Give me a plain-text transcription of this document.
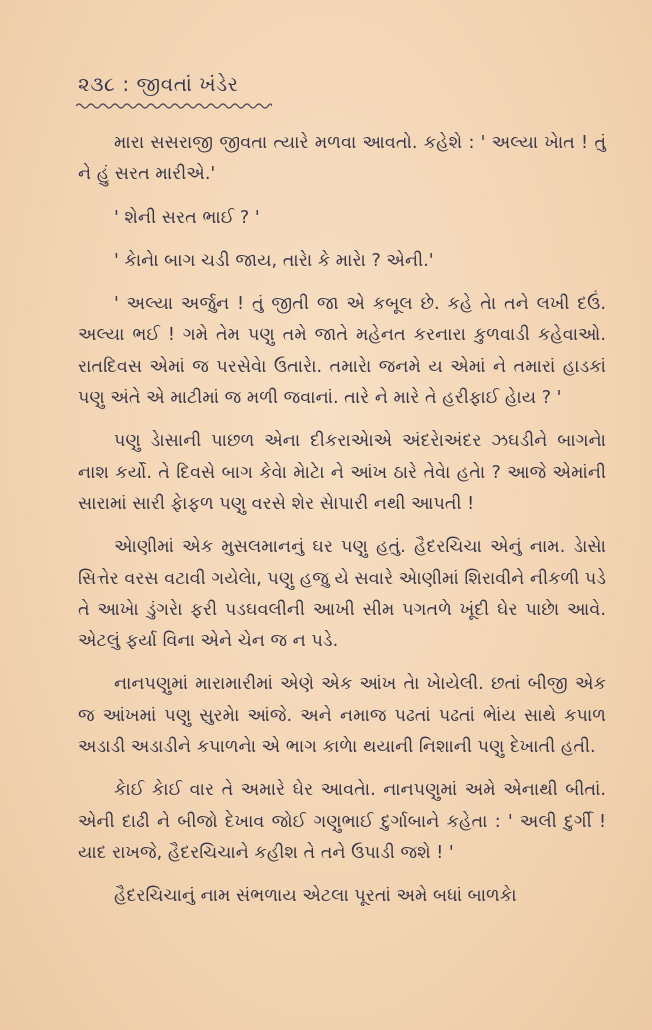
૨૩૮ : જીવતાં ખંડેર

મારા સસરાજી જીવતા ત્યારે મળવા આવતો. કહેશે : ' અલ્યા ખેાત ! તું ને હું સરત મારીએ.'

' શેની સરત ભાઈ ? '

' કેાનેા બાગ ચડી જાય, તારેા કે મારેા ? એની.'

' અલ્યા અર્જુન ! તું જીતી જા એ કબૂલ છે. કહે તેા તને લખી દઉં. અલ્યા ભઈ ! ગમે તેમ પણુ તમે જાતે મહેનત કરનારા કુળવાડી કહેવાઓ. રાતદિવસ એમાં જ પરસેવેા ઉતારેા. તમારેા જનમે ય એમાં ને તમારાં હાડકાં પણુ અંતે એ માટીમાં જ મળી જવાનાં. તારે ને મારે તે હરીફાઈ હેાય ? '

પણુ ડેાસાની પાછળ એના દીકરાએાએ અંદરેાઅંદર ઝઘડીને બાગનેા નાશ કર્યો. તે દિવસે બાગ કેવેા મેાટેા ને આંખ ઠારે તેવેા હતેા ? આજે એમાંની સારામાં સારી ફેાફળ પણુ વરસે શેર સેાપારી નથી આપતી !

એાણીમાં એક મુસલમાનનું ઘર પણુ હતું. હૈદરચિચા એનું નામ. ડેાસેા સિત્તેર વરસ વટાવી ગયેલેા, પણુ હજુ યે સવારે એાણીમાં શિરાવીને નીકળી પડે તે આખેા ડુંગરેા ફરી પડઘવલીની આખી સીમ પગતળે ખૂંદી ઘેર પાછેા આવે. એટલું ફર્યા વિના એને ચેન જ ન પડે.

નાનપણુમાં મારામારીમાં એણે એક આંખ તેા ખેાયેલી. છતાં બીજી એક જ આંખમાં પણુ સુરમેા આંજે. અને નમાજ પઢતાં પઢતાં ભેાંય સાથે કપાળ અડાડી અડાડીને કપાળનેા એ ભાગ કાળેા થયાની નિશાની પણુ દેખાતી હતી.

કેાઈ કેાઈ વાર તે અમારે ઘેર આવતેા. નાનપણુમાં અમે એનાથી બીતાં. એની દાઢી ને બીજો દેખાવ જોઈ ગણુભાઈ દુર્ગાબાને કહેતા : ' અલી દુર્ગી ! યાદ રાખજે, હૈદરચિચાને કહીશ તે તને ઉપાડી જશે ! '

હૈદરચિચાનું નામ સંભળાય એટલા પૂરતાં અમે બધાં બાળકેા
